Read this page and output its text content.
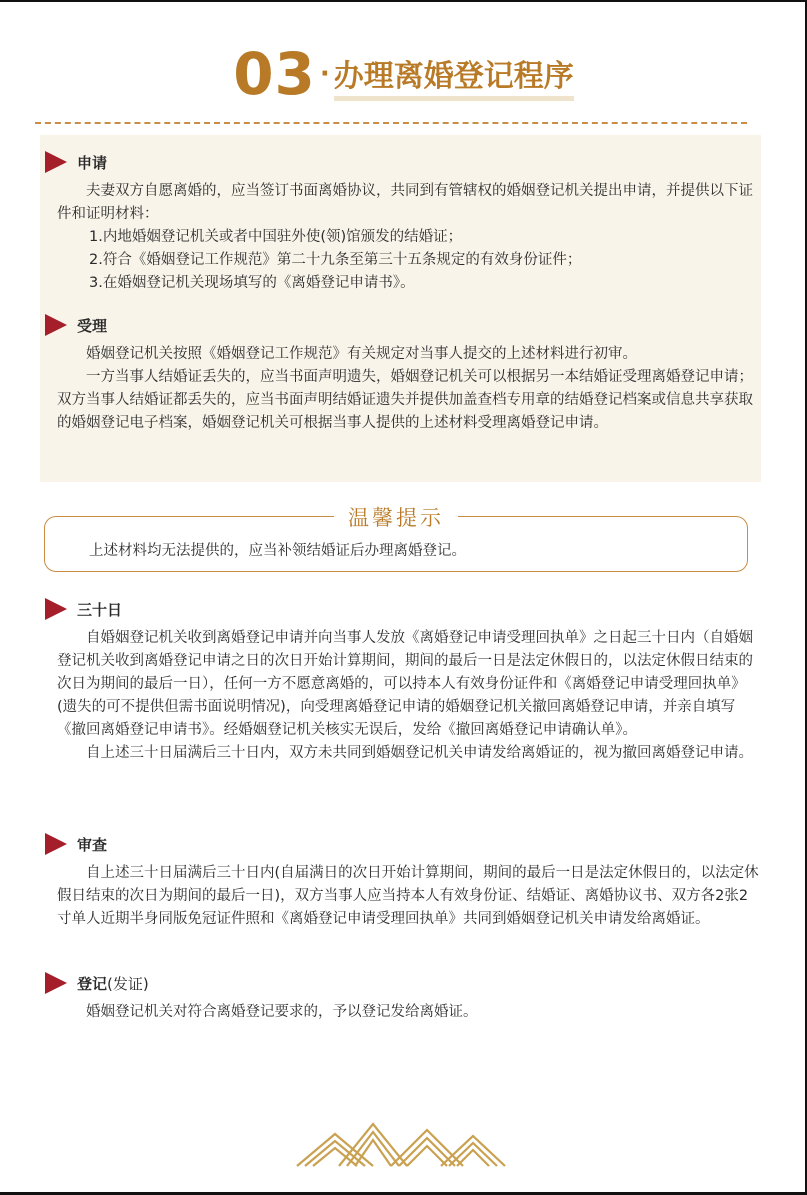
03 · 办理离婚登记程序
申请

夫妻双方自愿离婚的，应当签订书面离婚协议，共同到有管辖权的婚姻登记机关提出申请，并提供以下证件和证明材料：

1.内地婚姻登记机关或者中国驻外使(领)馆颁发的结婚证；

2.符合《婚姻登记工作规范》第二十九条至第三十五条规定的有效身份证件；

3.在婚姻登记机关现场填写的《离婚登记申请书》。

受理

婚姻登记机关按照《婚姻登记工作规范》有关规定对当事人提交的上述材料进行初审。

一方当事人结婚证丢失的，应当书面声明遗失，婚姻登记机关可以根据另一本结婚证受理离婚登记申请；双方当事人结婚证都丢失的，应当书面声明结婚证遗失并提供加盖查档专用章的结婚登记档案或信息共享获取的婚姻登记电子档案，婚姻登记机关可根据当事人提供的上述材料受理离婚登记申请。

温馨提示
上述材料均无法提供的，应当补领结婚证后办理离婚登记。
三十日

自婚姻登记机关收到离婚登记申请并向当事人发放《离婚登记申请受理回执单》之日起三十日内（自婚姻登记机关收到离婚登记申请之日的次日开始计算期间，期间的最后一日是法定休假日的，以法定休假日结束的次日为期间的最后一日），任何一方不愿意离婚的，可以持本人有效身份证件和《离婚登记申请受理回执单》(遗失的可不提供但需书面说明情况)，向受理离婚登记申请的婚姻登记机关撤回离婚登记申请，并亲自填写 《撤回离婚登记申请书》。经婚姻登记机关核实无误后，发给《撤回离婚登记申请确认单》。

自上述三十日届满后三十日内，双方未共同到婚姻登记机关申请发给离婚证的，视为撤回离婚登记申请。

审查

自上述三十日届满后三十日内(自届满日的次日开始计算期间，期间的最后一日是法定休假日的，以法定休假日结束的次日为期间的最后一日)，双方当事人应当持本人有效身份证、结婚证、离婚协议书、双方各2张2寸单人近期半身同版免冠证件照和《离婚登记申请受理回执单》共同到婚姻登记机关申请发给离婚证。

登记 (发证)

婚姻登记机关对符合离婚登记要求的，予以登记发给离婚证。
